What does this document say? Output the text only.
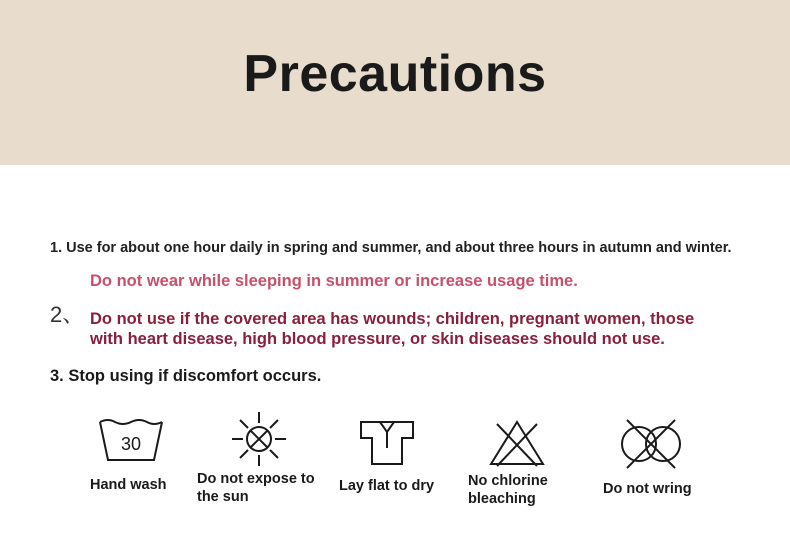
Precautions
1. Use for about one hour daily in spring and summer, and about three hours in autumn and winter.
2、
Do not wear while sleeping in summer or increase usage time.
Do not use if the covered area has wounds; children, pregnant women, those with heart disease, high blood pressure, or skin diseases should not use.
3. Stop using if discomfort occurs.
30
Hand wash Do not expose to the sun
Lay flat to dry No chlorine bleaching
Do not wring
